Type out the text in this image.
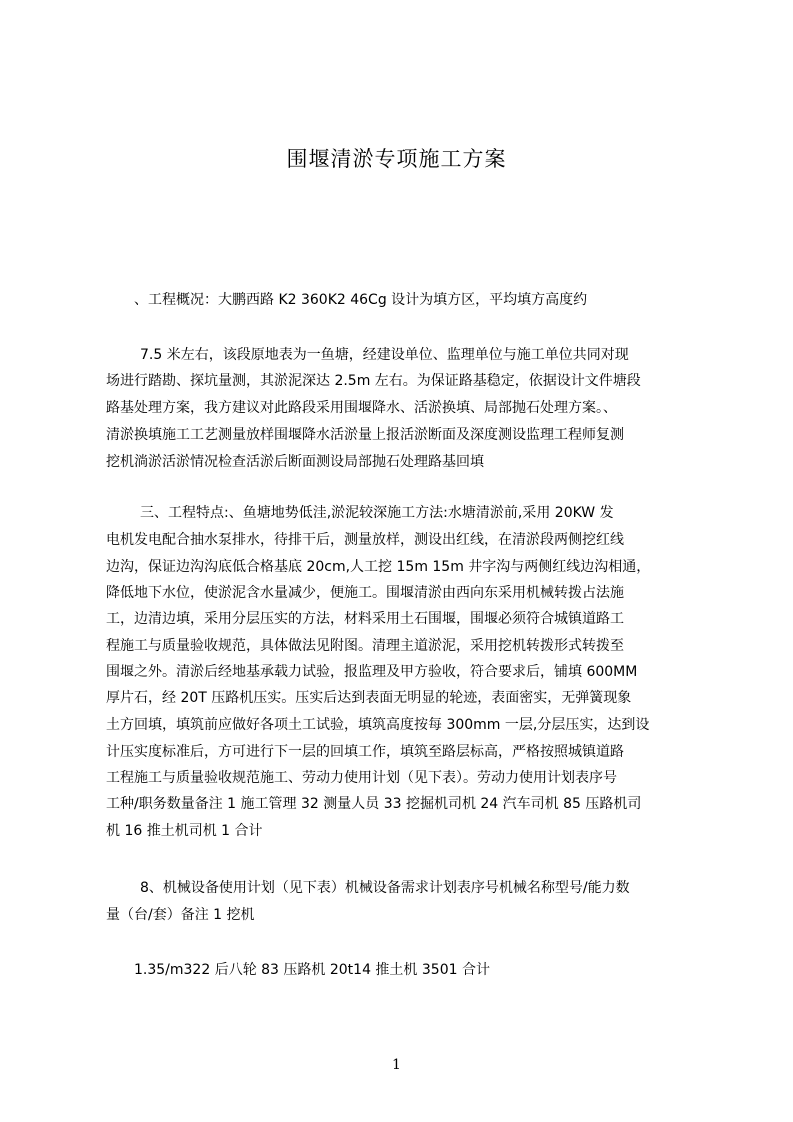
围堰清淤专项施工方案
、工程概况：大鹏西路 K2 360K2 46Cg 设计为填方区，平均填方高度约
7.5 米左右，该段原地表为一鱼塘，经建设单位、监理单位与施工单位共同对现
场进行踏勘、探坑量测，其淤泥深达 2.5m 左右。为保证路基稳定，依据设计文件塘段
路基处理方案，我方建议对此路段采用围堰降水、活淤换填、局部抛石处理方案。、
清淤换填施工工艺测量放样围堰降水活淤量上报活淤断面及深度测设监理工程师复测
挖机淌淤活淤情况检查活淤后断面测设局部抛石处理路基回填
三、工程特点:、鱼塘地势低洼,淤泥较深施工方法:水塘清淤前,采用 20KW 发
电机发电配合抽水泵排水，待排干后，测量放样，测设出红线，在清淤段两侧挖红线
边沟，保证边沟沟底低合格基底 20cm,人工挖 15m 15m 井字沟与两侧红线边沟相通，
降低地下水位，使淤泥含水量减少，便施工。围堰清淤由西向东采用机械转拨占法施
工，边清边填，采用分层压实的方法，材料采用土石围堰，围堰必须符合城镇道路工
程施工与质量验收规范，具体做法见附图。清理主道淤泥，采用挖机转拨形式转拨至
围堰之外。清淤后经地基承载力试验，报监理及甲方验收，符合要求后，铺填 600MM
厚片石，经 20T 压路机压实。压实后达到表面无明显的轮迹，表面密实，无弹簧现象
土方回填，填筑前应做好各项土工试验，填筑高度按每 300mm 一层,分层压实，达到设
计压实度标准后，方可进行下一层的回填工作，填筑至路层标高，严格按照城镇道路
工程施工与质量验收规范施工、劳动力使用计划（见下表）。劳动力使用计划表序号
工种/职务数量备注 1 施工管理 32 测量人员 33 挖掘机司机 24 汽车司机 85 压路机司
机 16 推土机司机 1 合计
8、机械设备使用计划（见下表）机械设备需求计划表序号机械名称型号/能力数
量（台/套）备注 1 挖机
1.35/m322 后八轮 83 压路机 20t14 推土机 3501 合计
1
